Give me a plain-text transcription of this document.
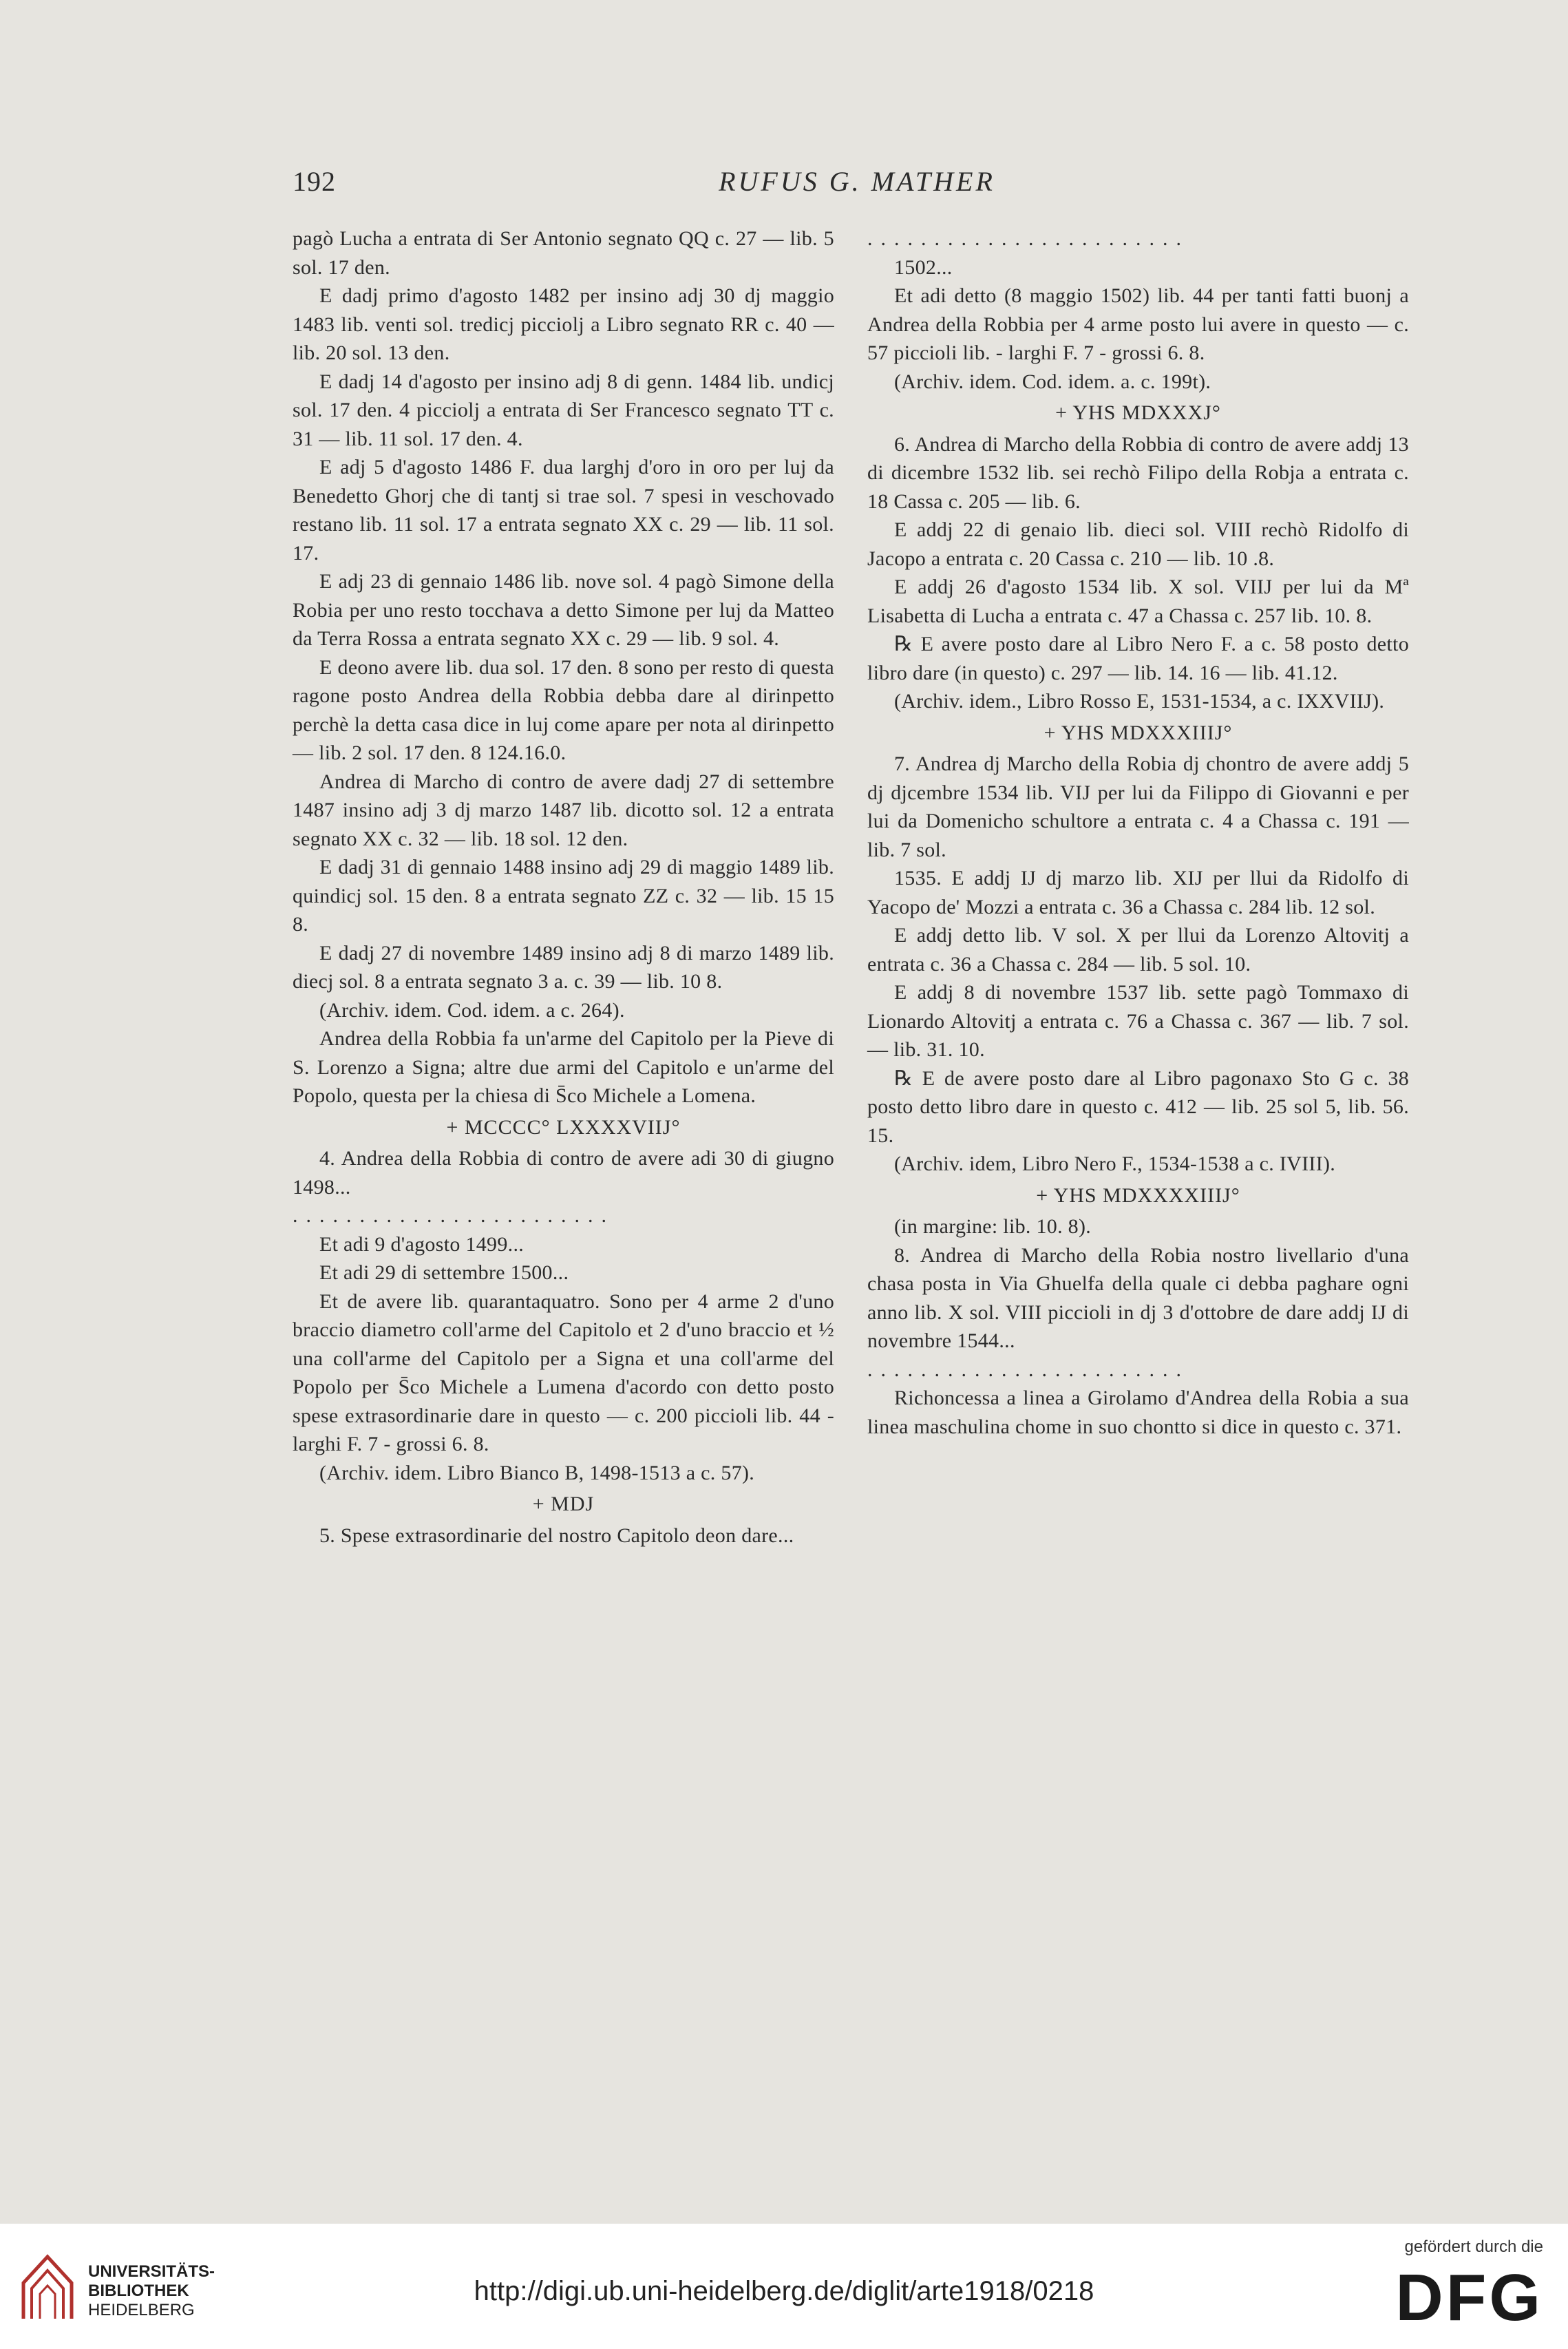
192	RUFUS G. MATHER

pagò Lucha a entrata di Ser Antonio segnato QQ c. 27 — lib. 5 sol. 17 den.

E dadj primo d'agosto 1482 per insino adj 30 dj maggio 1483 lib. venti sol. tredicj picciolj a Libro segnato RR c. 40 — lib. 20 sol. 13 den.

E dadj 14 d'agosto per insino adj 8 di genn. 1484 lib. undicj sol. 17 den. 4 picciolj a entrata di Ser Francesco segnato TT c. 31 — lib. 11 sol. 17 den. 4.

E adj 5 d'agosto 1486 F. dua larghj d'oro in oro per luj da Benedetto Ghorj che di tantj si trae sol. 7 spesi in veschovado restano lib. 11 sol. 17 a entrata segnato XX c. 29 — lib. 11 sol. 17.

E adj 23 di gennaio 1486 lib. nove sol. 4 pagò Simone della Robia per uno resto tocchava a detto Simone per luj da Matteo da Terra Rossa a entrata segnato XX c. 29 — lib. 9 sol. 4.

E deono avere lib. dua sol. 17 den. 8 sono per resto di questa ragone posto Andrea della Robbia debba dare al dirinpetto perchè la detta casa dice in luj come apare per nota al dirinpetto — lib. 2 sol. 17 den. 8 124.16.0.

Andrea di Marcho di contro de avere dadj 27 di settembre 1487 insino adj 3 dj marzo 1487 lib. dicotto sol. 12 a entrata segnato XX c. 32 — lib. 18 sol. 12 den.

E dadj 31 di gennaio 1488 insino adj 29 di maggio 1489 lib. quindicj sol. 15 den. 8 a entrata segnato ZZ c. 32 — lib. 15 15 8.

E dadj 27 di novembre 1489 insino adj 8 di marzo 1489 lib. diecj sol. 8 a entrata segnato 3 a. c. 39 — lib. 10 8.

(Archiv. idem. Cod. idem. a c. 264).

Andrea della Robbia fa un'arme del Capitolo per la Pieve di S. Lorenzo a Signa; altre due armi del Capitolo e un'arme del Popolo, questa per la chiesa di S̄co Michele a Lomena.

+ MCCCC° LXXXXVIIJ°

4. Andrea della Robbia di contro de avere adi 30 di giugno 1498...

........................

Et adi 9 d'agosto 1499...

Et adi 29 di settembre 1500...

Et de avere lib. quarantaquatro. Sono per 4 arme 2 d'uno braccio diametro coll'arme del Capitolo et 2 d'uno braccio et ½ una coll'arme del Capitolo per a Signa et una coll'arme del Popolo per S̄co Michele a Lumena d'acordo con detto posto spese extrasordinarie dare in questo — c. 200 piccioli lib. 44 - larghi F. 7 - grossi 6. 8.

(Archiv. idem. Libro Bianco B, 1498-1513 a c. 57).

+ MDJ

5. Spese extrasordinarie del nostro Capitolo deon dare...

........................

1502...

Et adi detto (8 maggio 1502) lib. 44 per tanti fatti buonj a Andrea della Robbia per 4 arme posto lui avere in questo — c. 57 piccioli lib. - larghi F. 7 - grossi 6. 8.

(Archiv. idem. Cod. idem. a. c. 199t).

+ YHS MDXXXJ°

6. Andrea di Marcho della Robbia di contro de avere addj 13 di dicembre 1532 lib. sei rechò Filipo della Robja a entrata c. 18 Cassa c. 205 — lib. 6.

E addj 22 di genaio lib. dieci sol. VIII rechò Ridolfo di Jacopo a entrata c. 20 Cassa c. 210 — lib. 10 .8.

E addj 26 d'agosto 1534 lib. X sol. VIIJ per lui da Mª Lisabetta di Lucha a entrata c. 47 a Chassa c. 257 lib. 10. 8.

℞ E avere posto dare al Libro Nero F. a c. 58 posto detto libro dare (in questo) c. 297 — lib. 14. 16 — lib. 41.12.

(Archiv. idem., Libro Rosso E, 1531-1534, a c. IXXVIIJ).

+ YHS MDXXXIIIJ°

7. Andrea dj Marcho della Robia dj chontro de avere addj 5 dj djcembre 1534 lib. VIJ per lui da Filippo di Giovanni e per lui da Domenicho schultore a entrata c. 4 a Chassa c. 191 — lib. 7 sol.

1535. E addj IJ dj marzo lib. XIJ per llui da Ridolfo di Yacopo de' Mozzi a entrata c. 36 a Chassa c. 284 lib. 12 sol.

E addj detto lib. V sol. X per llui da Lorenzo Altovitj a entrata c. 36 a Chassa c. 284 — lib. 5 sol. 10.

E addj 8 di novembre 1537 lib. sette pagò Tommaxo di Lionardo Altovitj a entrata c. 76 a Chassa c. 367 — lib. 7 sol. — lib. 31. 10.

℞ E de avere posto dare al Libro pagonaxo Sto G c. 38 posto detto libro dare in questo c. 412 — lib. 25 sol 5, lib. 56. 15.

(Archiv. idem, Libro Nero F., 1534-1538 a c. IVIII).

+ YHS MDXXXXIIIJ°

(in margine: lib. 10. 8).

8. Andrea di Marcho della Robia nostro livellario d'una chasa posta in Via Ghuelfa della quale ci debba paghare ogni anno lib. X sol. VIII piccioli in dj 3 d'ottobre de dare addj IJ di novembre 1544...

........................

Richoncessa a linea a Girolamo d'Andrea della Robia a sua linea maschulina chome in suo chontto si dice in questo c. 371.

UNIVERSITÄTS-
BIBLIOTHEK
HEIDELBERG
http://digi.ub.uni-heidelberg.de/diglit/arte1918/0218
gefördert durch die
DFG
